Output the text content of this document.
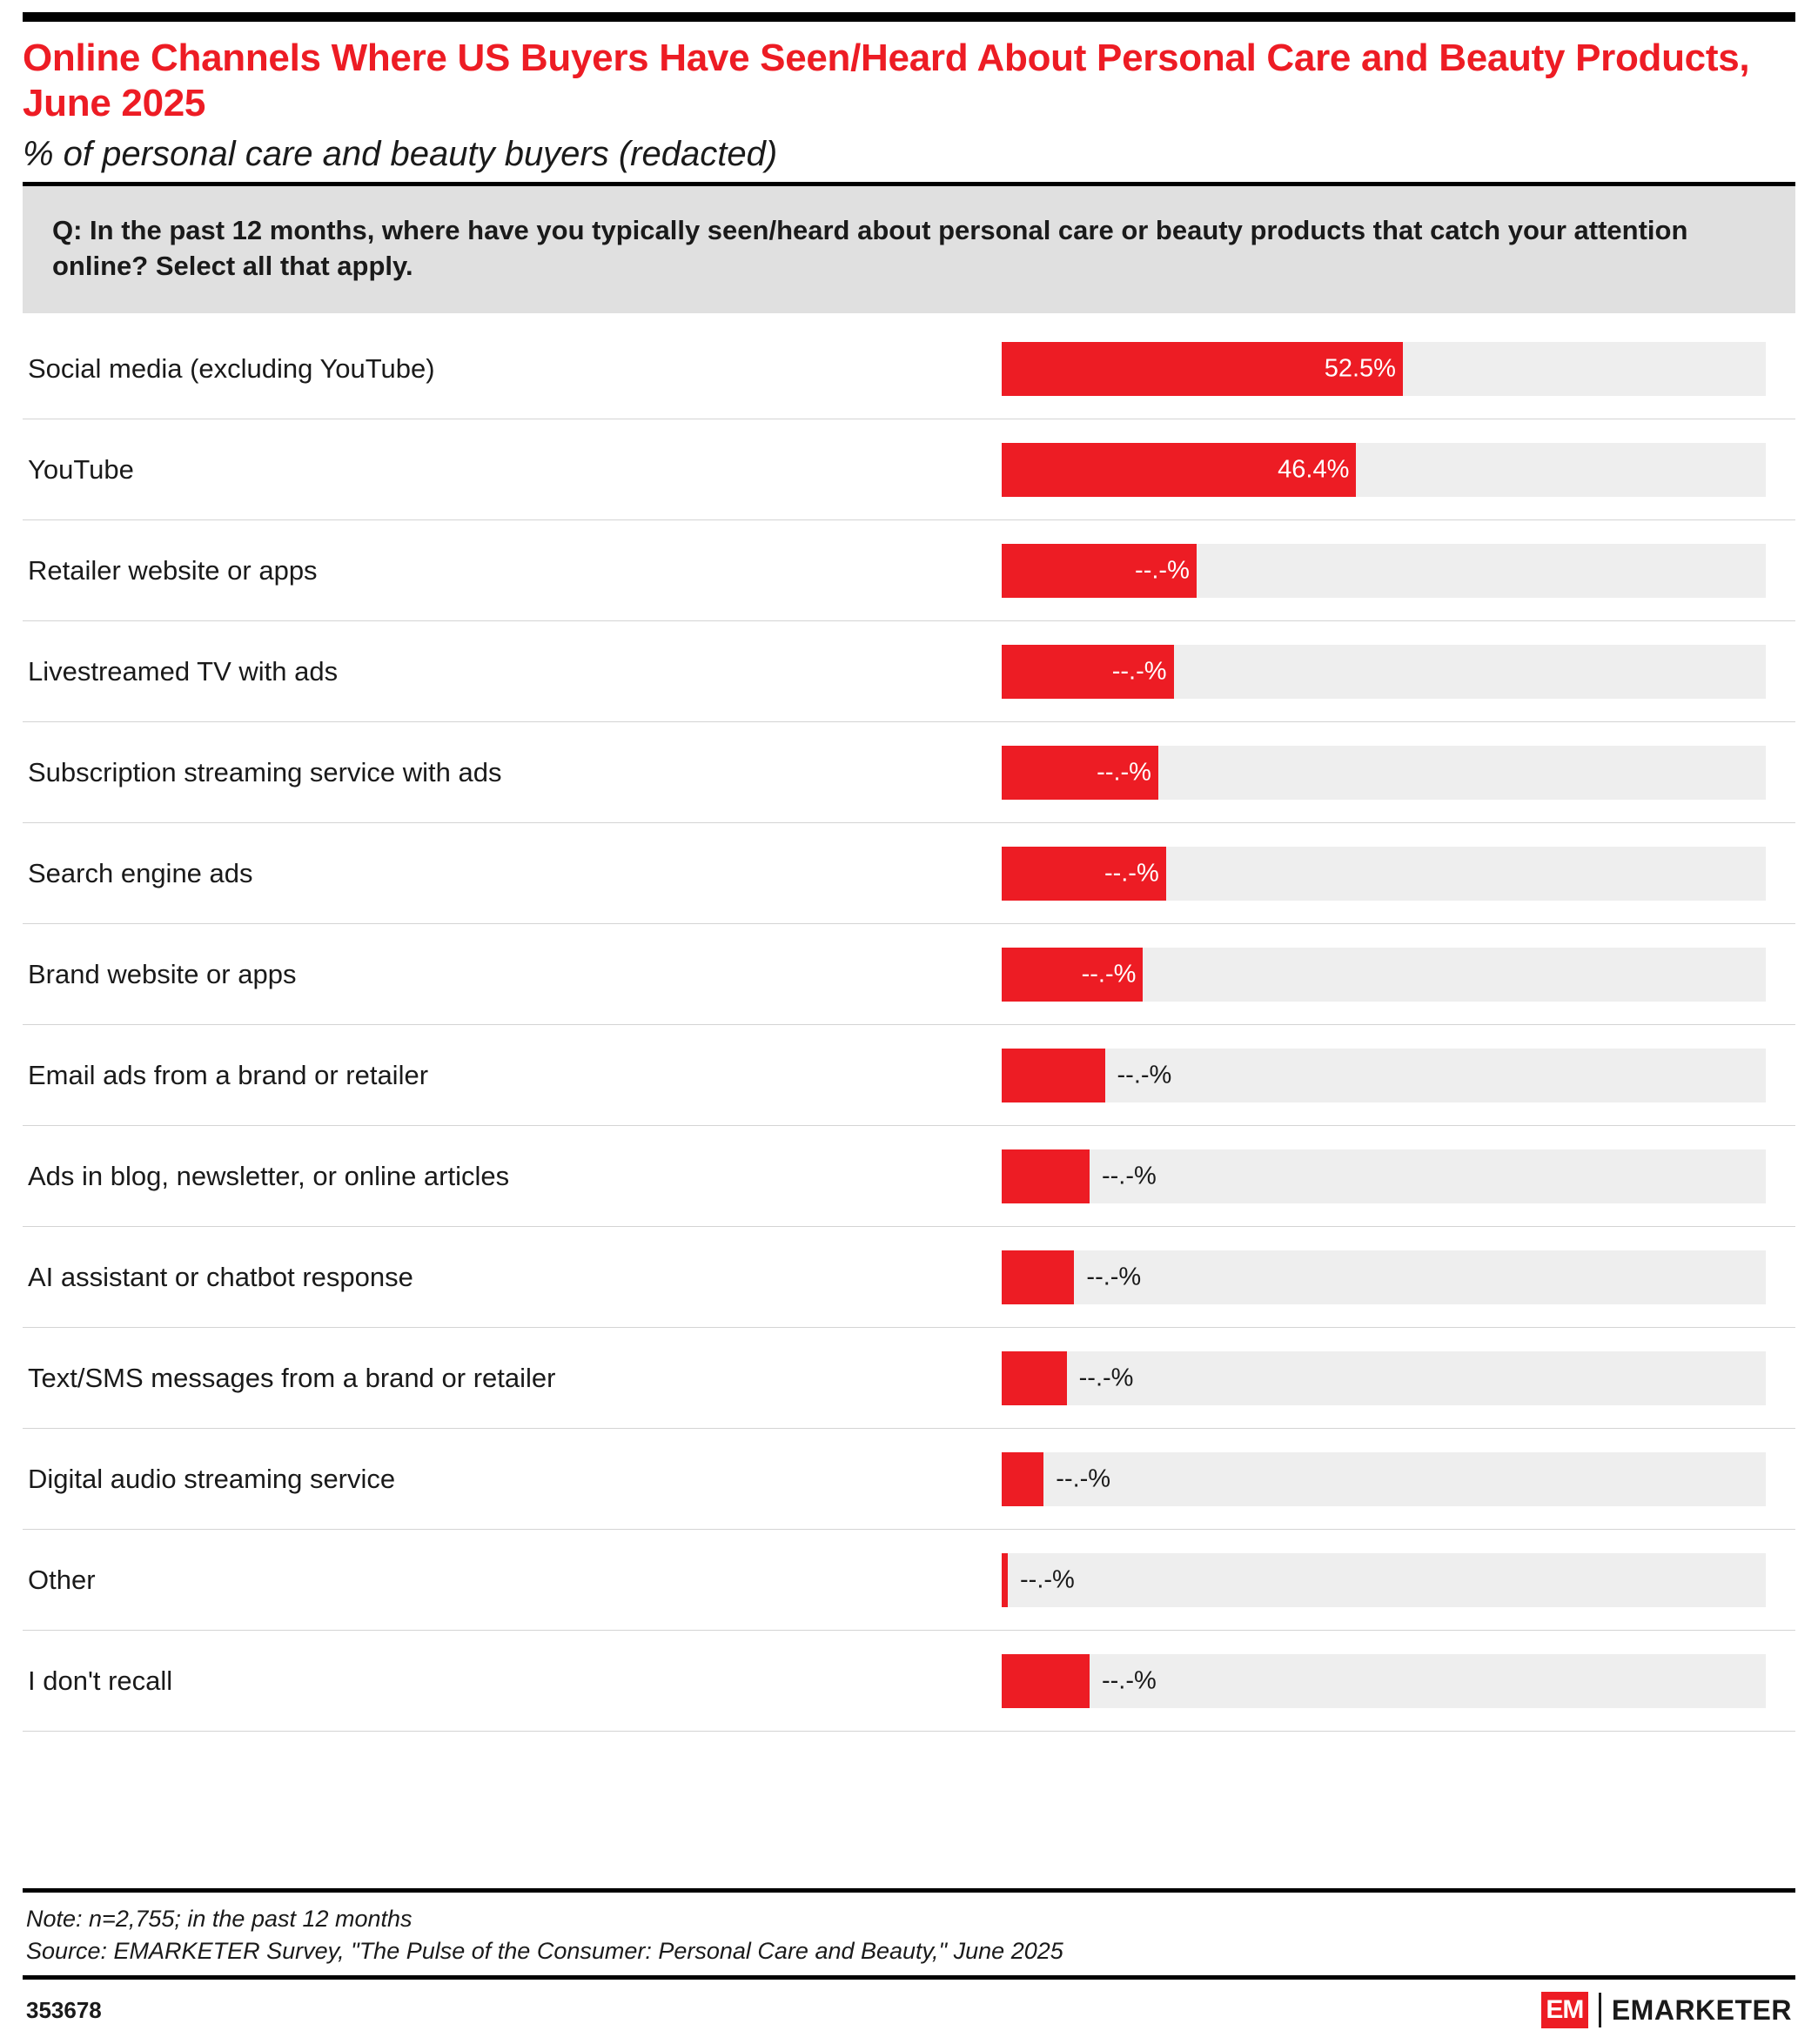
Online Channels Where US Buyers Have Seen/Heard About Personal Care and Beauty Products, June 2025
% of personal care and beauty buyers (redacted)

Q: In the past 12 months, where have you typically seen/heard about personal care or beauty products that catch your attention online? Select all that apply.

Social media (excluding YouTube)	52.5%
YouTube	46.4%
Retailer website or apps	--.-%
Livestreamed TV with ads	--.-%
Subscription streaming service with ads	--.-%
Search engine ads	--.-%
Brand website or apps	--.-%
Email ads from a brand or retailer	--.-%
Ads in blog, newsletter, or online articles	--.-%
AI assistant or chatbot response	--.-%
Text/SMS messages from a brand or retailer	--.-%
Digital audio streaming service	--.-%
Other	--.-%
I don't recall	--.-%

Note: n=2,755; in the past 12 months

Source: EMARKETER Survey, "The Pulse of the Consumer: Personal Care and Beauty," June 2025

353678	EM EMARKETER
